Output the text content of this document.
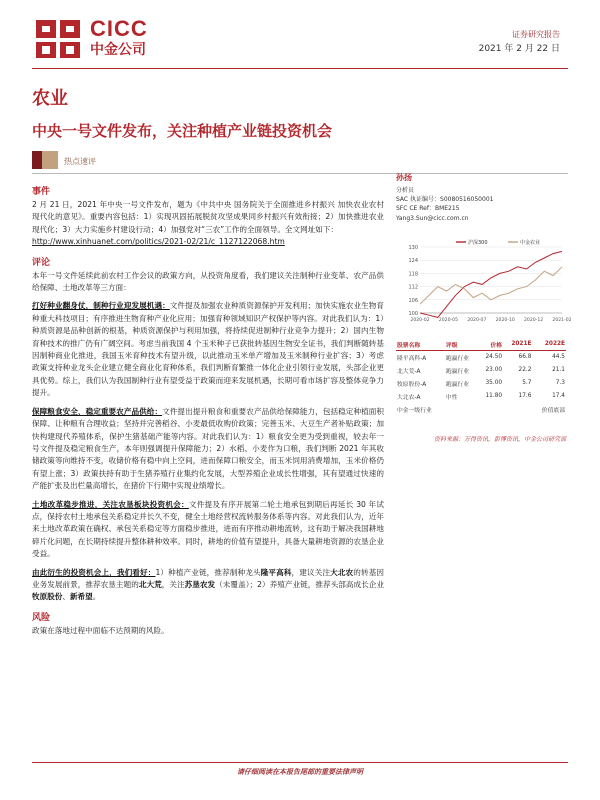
CICC
中金公司
证券研究报告
2021 年 2 月 22 日
农业
中央一号文件发布，关注种植产业链投资机会
热点速评
事件
2 月 21 日，2021 年中央一号文件发布，题为《中共中央 国务院关于全面推进乡村振兴 加快农业农村现代化的意见》。重要内容包括：1）实现巩固拓展脱贫攻坚成果同乡村振兴有效衔接；2）加快推进农业现代化；3）大力实施乡村建设行动；4）加强党对“三农”工作的全面领导。全文网址如下：
http://www.xinhuanet.com/politics/2021-02/21/c_1127122068.htm
评论
本年一号文件延续此前农村工作会议的政策方向，从投资角度看，我们建议关注制种行业变革、农产品供给保障、土地改革等三方面：
打好种业翻身仗，制种行业迎发展机遇：文件提及加强农业种质资源保护开发利用；加快实施农业生物育种重大科技项目；有序推进生物育种产业化应用；加强育种领域知识产权保护等内容。对此我们认为：1）种质资源是品种创新的根基，种质资源保护与利用加强，将持续促进制种行业竞争力提升；2）国内生物育种技术的推广仍有广阔空间。考虑当前我国 4 个玉米种子已获批转基因生物安全证书，我们判断随转基因制种商业化推进，我国玉米育种技术有望升级，以此推动玉米单产增加及玉米制种行业扩容；3）考虑政策支持种业龙头企业建立健全商业化育种体系，我们判断育繁推一体化企业引领行业发展，头部企业更具优势。综上，我们认为我国制种行业有望受益于政策而迎来发展机遇，长期可看市场扩容及整体竞争力提升。
保障粮食安全，稳定重要农产品供给：文件提出提升粮食和重要农产品供给保障能力，包括稳定种植面积保障、让种粮有合理收益；坚持并完善稻谷、小麦最低收购价政策；完善玉米、大豆生产者补贴政策；加快构建现代养殖体系，保护生猪基础产能等内容。对此我们认为：1）粮食安全更为受到重视，较去年一号文件提及稳定粮食生产，本年则强调提升保障能力；2）水稻、小麦作为口粮，我们判断 2021 年其收储政策等向维持不变，收储价格有稳中向上空间，进而保障口粮安全，而玉米饲用消费增加，玉米价格仍有望上涨；3）政策扶持有助于生猪养殖行业集约化发展，大型养殖企业成长性增强，其有望通过快速的产能扩张及出栏量高增长，在猪价下行期中实现业绩增长。
土地改革稳步推进，关注农垦板块投资机会：文件提及有序开展第二轮土地承包到期后再延长 30 年试点，保持农村土地承包关系稳定并长久不变，健全土地经营权流转服务体系等内容。对此我们认为，近年来土地改革政策在确权、承包关系稳定等方面稳步推进，进而有序推动耕地流转，这有助于解决我国耕地碎片化问题，在长期持续提升整体耕种效率。同时，耕地的价值有望提升，具备大量耕地资源的农垦企业受益。
由此衍生的投资机会上，我们看好：1）种植产业链，推荐制种龙头隆平高科，建议关注大北农的转基因业务发展前景，推荐农垦主题的北大荒，关注苏垦农发（未覆盖）；2）养殖产业链，推荐头部高成长企业牧原股份、新希望。
风险
政策在落地过程中面临不达预期的风险。
孙扬
分析员
SAC 执证编号：S0080516050001
SFC CE Ref：BME215
Yang3.Sun@cicc.com.cn
100
106
112
118
124
130
2020-02 2020-05 2020-07 2020-10 2020-12 2021-02
沪深300	中金农业
股票名称	评级	价格	2021E	2022E
隆平高科-A	跑赢行业	24.50	66.8	44.5
北大荒-A	跑赢行业	23.00	22.2	21.1
牧原股份-A	跑赢行业	35.00	5.7	7.3
大北农-A	中性	11.80	17.6	17.4
中金一级行业				价值底部
资料来源：万得资讯，彭博资讯，中金公司研究部
请仔细阅读在本报告尾部的重要法律声明
